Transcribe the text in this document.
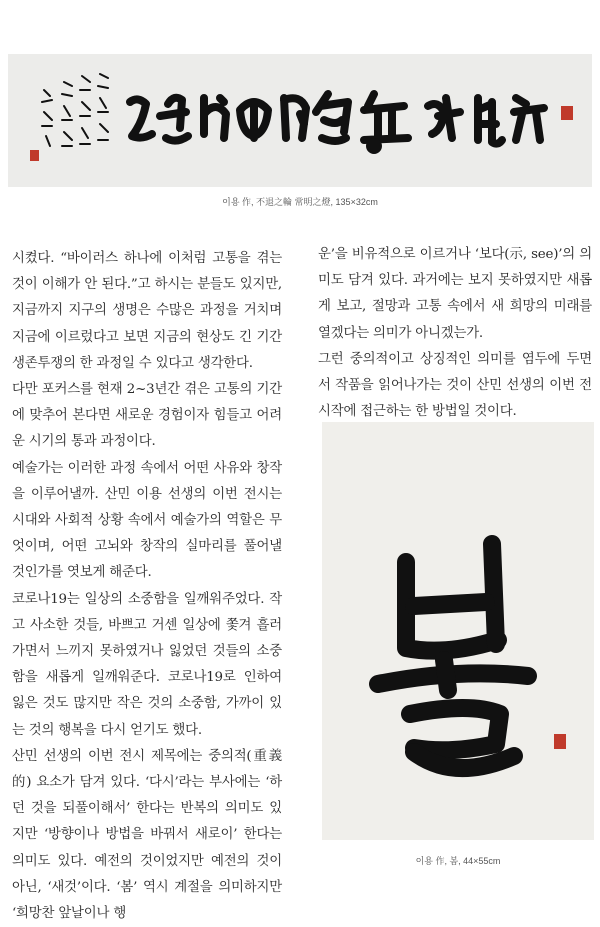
이용 作, 不退之輪 常明之燈, 135×32cm

시켰다. “바이러스 하나에 이처럼 고통을 겪는 것이 이해가 안 된다.”고 하시는 분들도 있지만, 지금까지 지구의 생명은 수많은 과정을 거치며 지금에 이르렀다고 보면 지금의 현상도 긴 기간 생존투쟁의 한 과정일 수 있다고 생각한다.

다만 포커스를 현재 2~3년간 겪은 고통의 기간에 맞추어 본다면 새로운 경험이자 힘들고 어려운 시기의 통과 과정이다.

예술가는 이러한 과정 속에서 어떤 사유와 창작을 이루어낼까. 산민 이용 선생의 이번 전시는 시대와 사회적 상황 속에서 예술가의 역할은 무엇이며, 어떤 고뇌와 창작의 실마리를 풀어낼 것인가를 엿보게 해준다.

코로나19는 일상의 소중함을 일깨워주었다. 작고 사소한 것들, 바쁘고 거센 일상에 쫓겨 흘러가면서 느끼지 못하였거나 잃었던 것들의 소중함을 새롭게 일깨워준다. 코로나19로 인하여 잃은 것도 많지만 작은 것의 소중함, 가까이 있는 것의 행복을 다시 얻기도 했다.

산민 선생의 이번 전시 제목에는 중의적(重義的) 요소가 담겨 있다. ‘다시’라는 부사에는 ‘하던 것을 되풀이해서’ 한다는 반복의 의미도 있지만 ‘방향이나 방법을 바꿔서 새로이’ 한다는 의미도 있다. 예전의 것이었지만 예전의 것이 아닌, ‘새것’이다. ‘봄’ 역시 계절을 의미하지만 ‘희망찬 앞날이나 행

운’을 비유적으로 이르거나 ‘보다(示, see)’의 의미도 담겨 있다. 과거에는 보지 못하였지만 새롭게 보고, 절망과 고통 속에서 새 희망의 미래를 열겠다는 의미가 아니겠는가.

그런 중의적이고 상징적인 의미를 염두에 두면서 작품을 읽어나가는 것이 산민 선생의 이번 전시작에 접근하는 한 방법일 것이다.

이용 作, 봄, 44×55cm
